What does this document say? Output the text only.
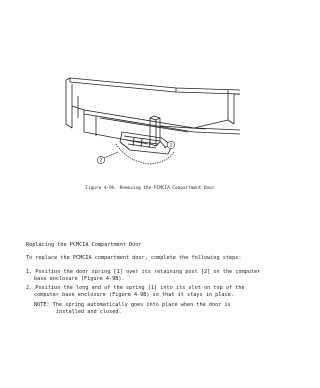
1
2
Figure 4-9A. Removing the PCMCIA Compartment Door
Replacing the PCMCIA Compartment Door
To replace the PCMCIA compartment door, complete the following steps:
1. Position the door spring [1] over its retaining post [2] on the computer
base enclosure (Figure 4-9B).
2. Position the long end of the spring [1] into its slot on top of the
computer base enclosure (Figure 4-9B) so that it stays in place.
NOTE: The spring automatically goes into place when the door is
installed and closed.
